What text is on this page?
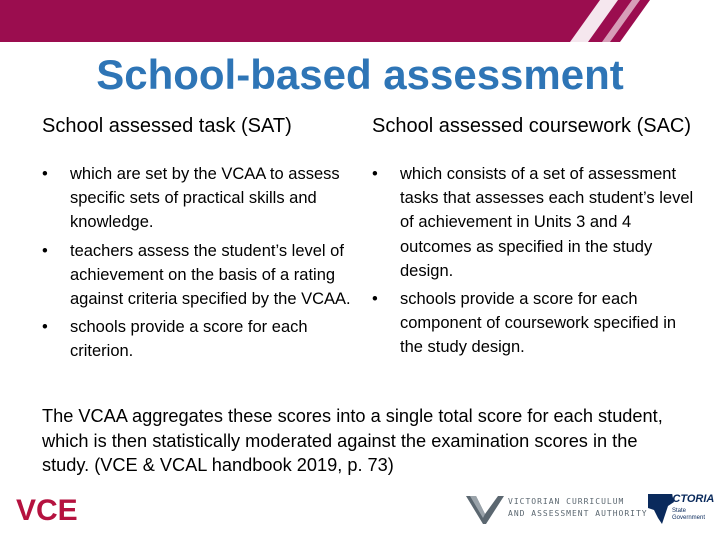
School-based assessment
School assessed task (SAT)	School assessed coursework (SAC)
•	which are set by the VCAA to assess specific sets of practical skills and knowledge.
•	teachers assess the student’s level of achievement on the basis of a rating against criteria specified by the VCAA.
•	schools provide a score for each criterion.
•	which consists of a set of assessment tasks that assesses each student’s level of achievement in Units 3 and 4 outcomes as specified in the study design.
•	schools provide a score for each component of coursework specified in the study design.
The VCAA aggregates these scores into a single total score for each student, which is then statistically moderated against the examination scores in the study. (VCE & VCAL handbook 2019, p. 73)
VCE	VICTORIAN CURRICULUM
AND ASSESSMENT AUTHORITY
VICTORIA
State
Government
